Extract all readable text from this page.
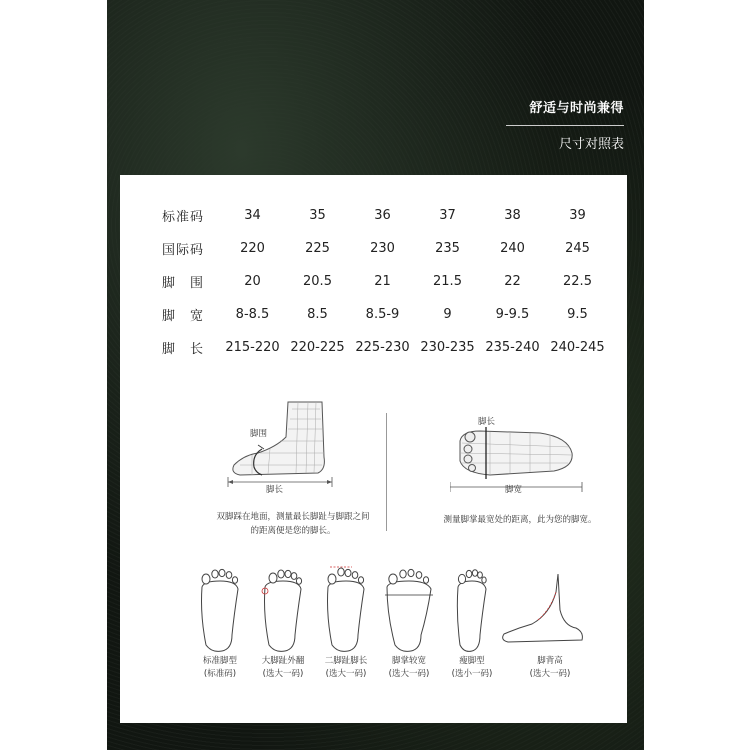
舒适与时尚兼得
尺寸对照表
标准码	34	35	36	37	38	39
国际码	220	225	230	235	240	245
脚　围	20	20.5	21	21.5	22	22.5
脚　宽	8-8.5	8.5	8.5-9	9	9-9.5	9.5
脚　长	215-220	220-225	225-230	230-235	235-240	240-245
脚围
脚长
双脚踩在地面，测量最长脚趾与脚跟之间
的距离便是您的脚长。
脚长
脚宽
测量脚掌最宽处的距离，此为您的脚宽。
标准脚型
(标准码)
大脚趾外翻
(选大一码)
二脚趾脚长
(选大一码)
脚掌较宽
(选大一码)
瘦脚型
(选小一码)
脚背高
(选大一码)
